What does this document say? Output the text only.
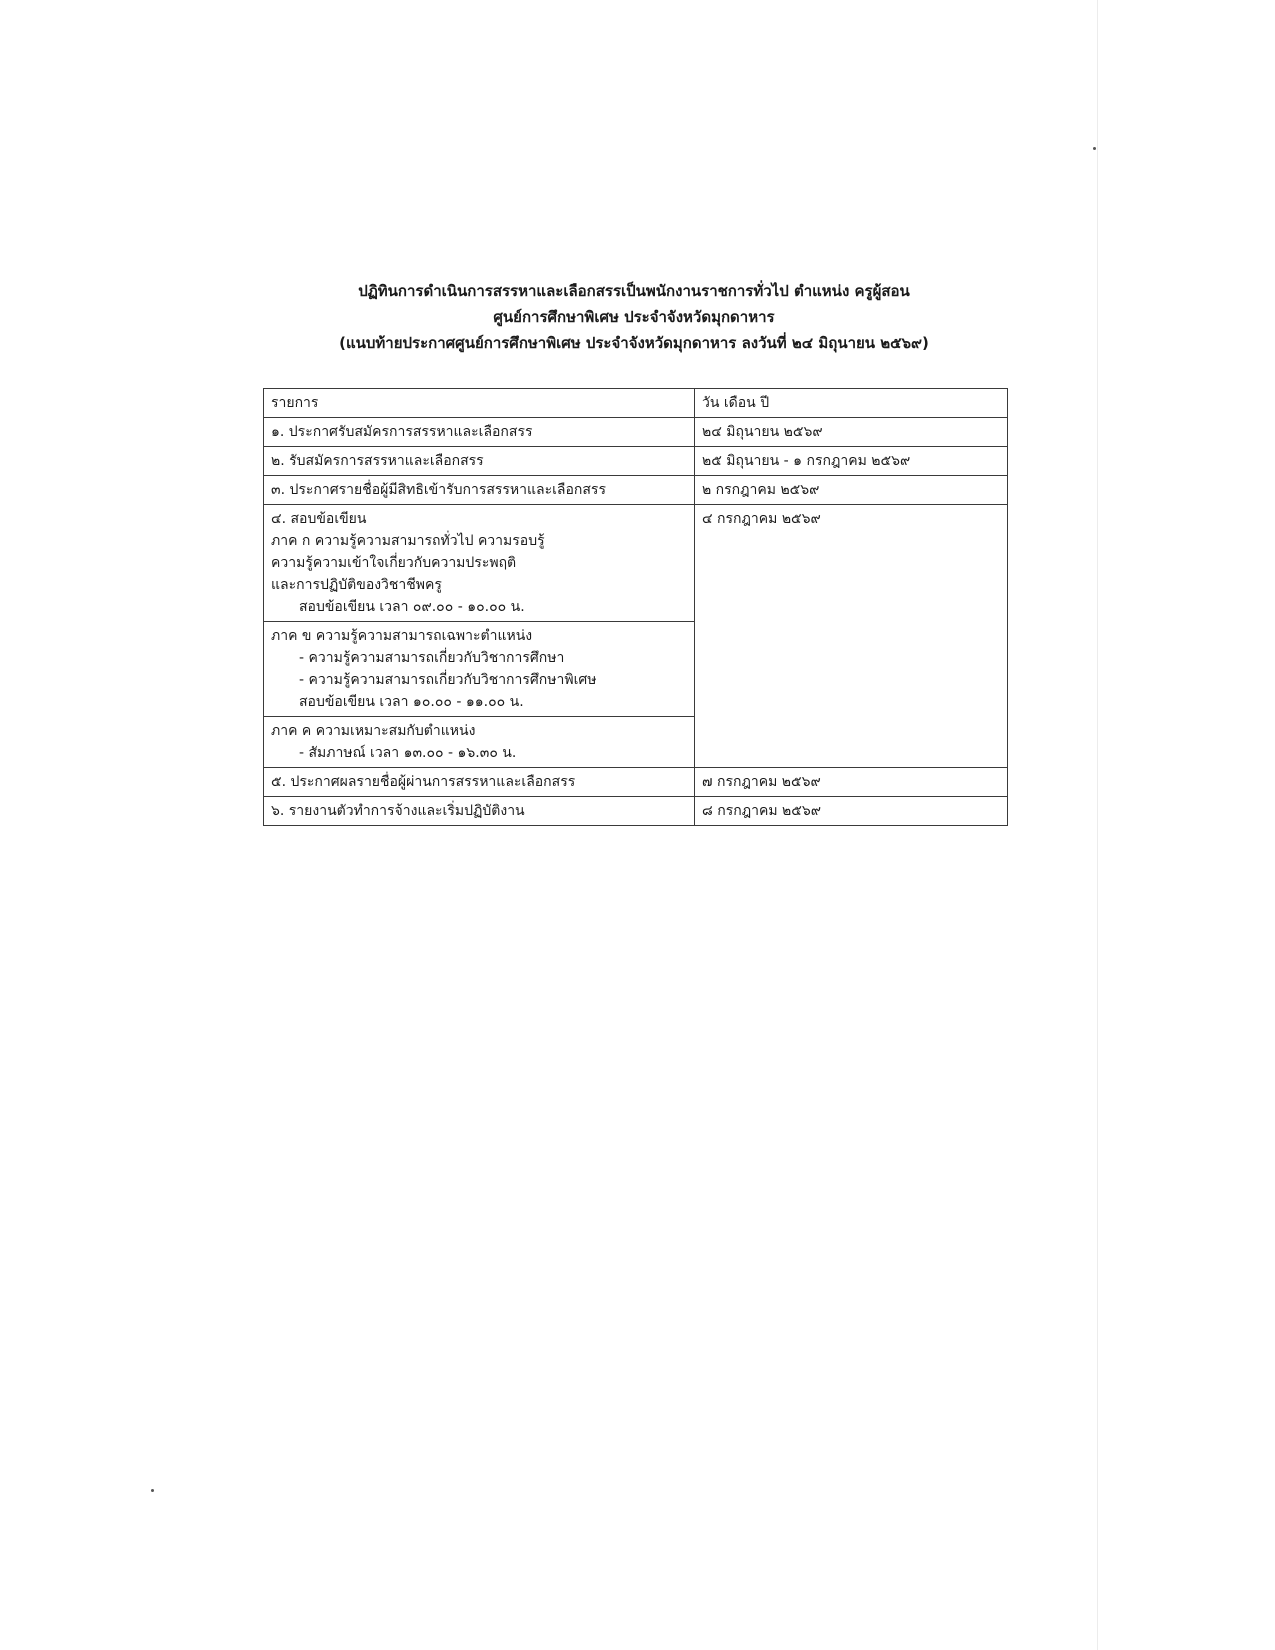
ปฏิทินการดำเนินการสรรหาและเลือกสรรเป็นพนักงานราชการทั่วไป ตำแหน่ง ครูผู้สอน
ศูนย์การศึกษาพิเศษ ประจำจังหวัดมุกดาหาร
(แนบท้ายประกาศศูนย์การศึกษาพิเศษ ประจำจังหวัดมุกดาหาร ลงวันที่ ๒๔ มิถุนายน ๒๕๖๙)
รายการ	วัน เดือน ปี
๑. ประกาศรับสมัครการสรรหาและเลือกสรร	๒๔ มิถุนายน ๒๕๖๙
๒. รับสมัครการสรรหาและเลือกสรร	๒๕ มิถุนายน - ๑ กรกฎาคม ๒๕๖๙
๓. ประกาศรายชื่อผู้มีสิทธิเข้ารับการสรรหาและเลือกสรร	๒ กรกฎาคม ๒๕๖๙

๔. สอบข้อเขียน
ภาค ก ความรู้ความสามารถทั่วไป ความรอบรู้
ความรู้ความเข้าใจเกี่ยวกับความประพฤติ
และการปฏิบัติของวิชาชีพครู
สอบข้อเขียน เวลา ๐๙.๐๐ - ๑๐.๐๐ น.	๔ กรกฎาคม ๒๕๖๙

ภาค ข ความรู้ความสามารถเฉพาะตำแหน่ง
- ความรู้ความสามารถเกี่ยวกับวิชาการศึกษา
- ความรู้ความสามารถเกี่ยวกับวิชาการศึกษาพิเศษ
สอบข้อเขียน เวลา ๑๐.๐๐ - ๑๑.๐๐ น.	

ภาค ค ความเหมาะสมกับตำแหน่ง
- สัมภาษณ์ เวลา ๑๓.๐๐ - ๑๖.๓๐ น.	

๕. ประกาศผลรายชื่อผู้ผ่านการสรรหาและเลือกสรร	๗ กรกฎาคม ๒๕๖๙
๖. รายงานตัวทำการจ้างและเริ่มปฏิบัติงาน	๘ กรกฎาคม ๒๕๖๙
